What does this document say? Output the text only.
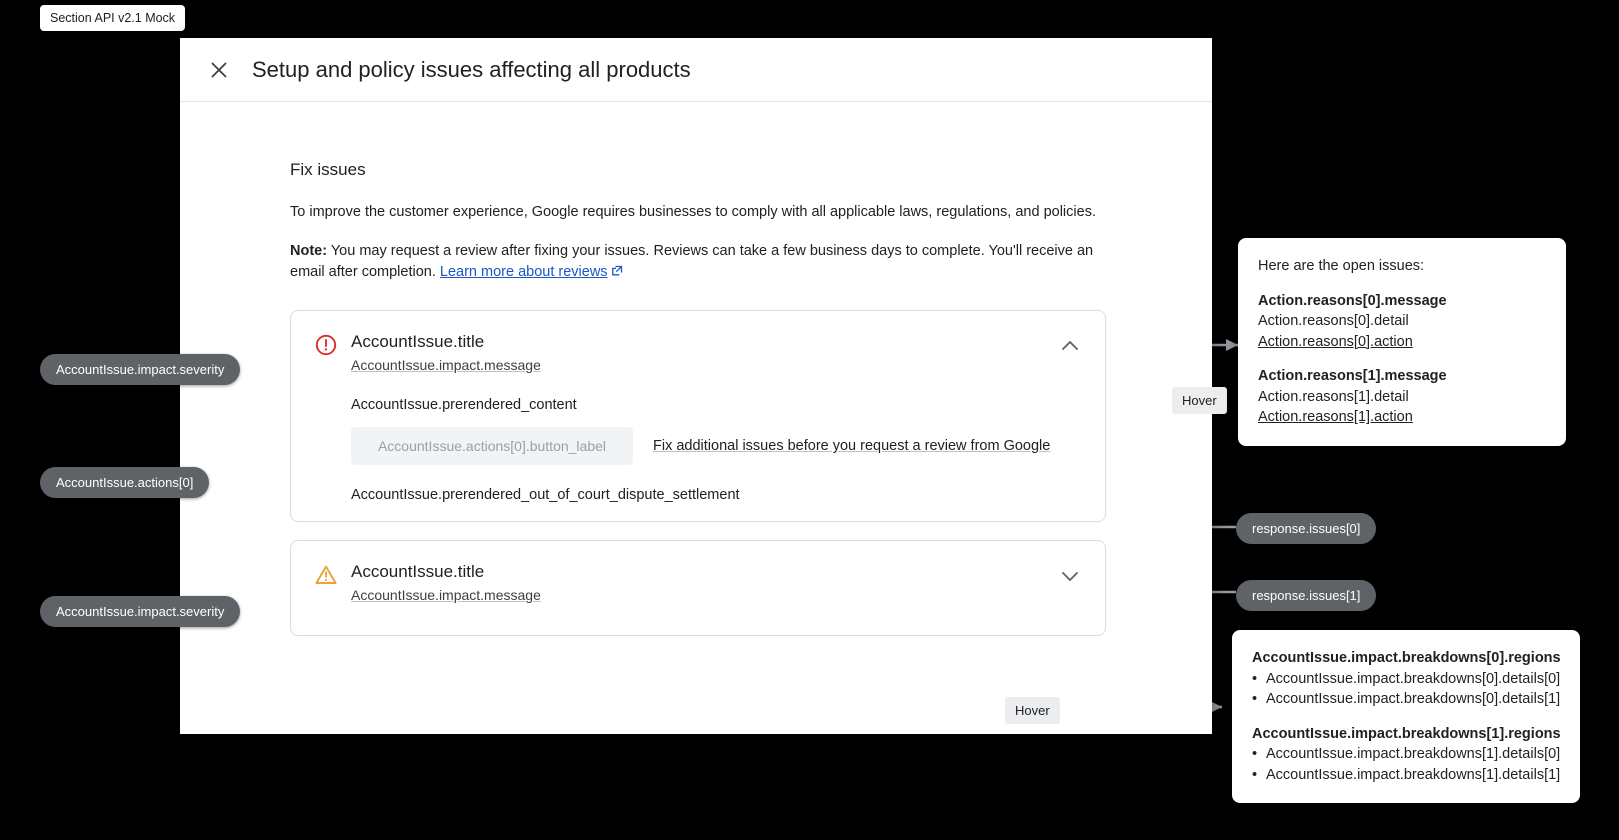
Section API v2.1 Mock
Setup and policy issues affecting all products
Fix issues

To improve the customer experience, Google requires businesses to comply with all applicable laws, regulations, and policies.

Note: You may request a review after fixing your issues. Reviews can take a few business days to complete. You'll receive an email after completion. Learn more about reviews

AccountIssue.title
AccountIssue.impact.message
AccountIssue.prerendered_content
AccountIssue.actions[0].button_label	Fix additional issues before you request a review from Google
AccountIssue.prerendered_out_of_court_dispute_settlement
AccountIssue.title
AccountIssue.impact.message
AccountIssue.impact.severity
AccountIssue.actions[0]
AccountIssue.impact.severity
response.issues[0]
response.issues[1]
Hover
Hover
Here are the open issues:
Action.reasons[0].message
Action.reasons[0].detail
Action.reasons[0].action
Action.reasons[1].message
Action.reasons[1].detail
Action.reasons[1].action
AccountIssue.impact.breakdowns[0].regions
• AccountIssue.impact.breakdowns[0].details[0]
• AccountIssue.impact.breakdowns[0].details[1]
AccountIssue.impact.breakdowns[1].regions
• AccountIssue.impact.breakdowns[1].details[0]
• AccountIssue.impact.breakdowns[1].details[1]
